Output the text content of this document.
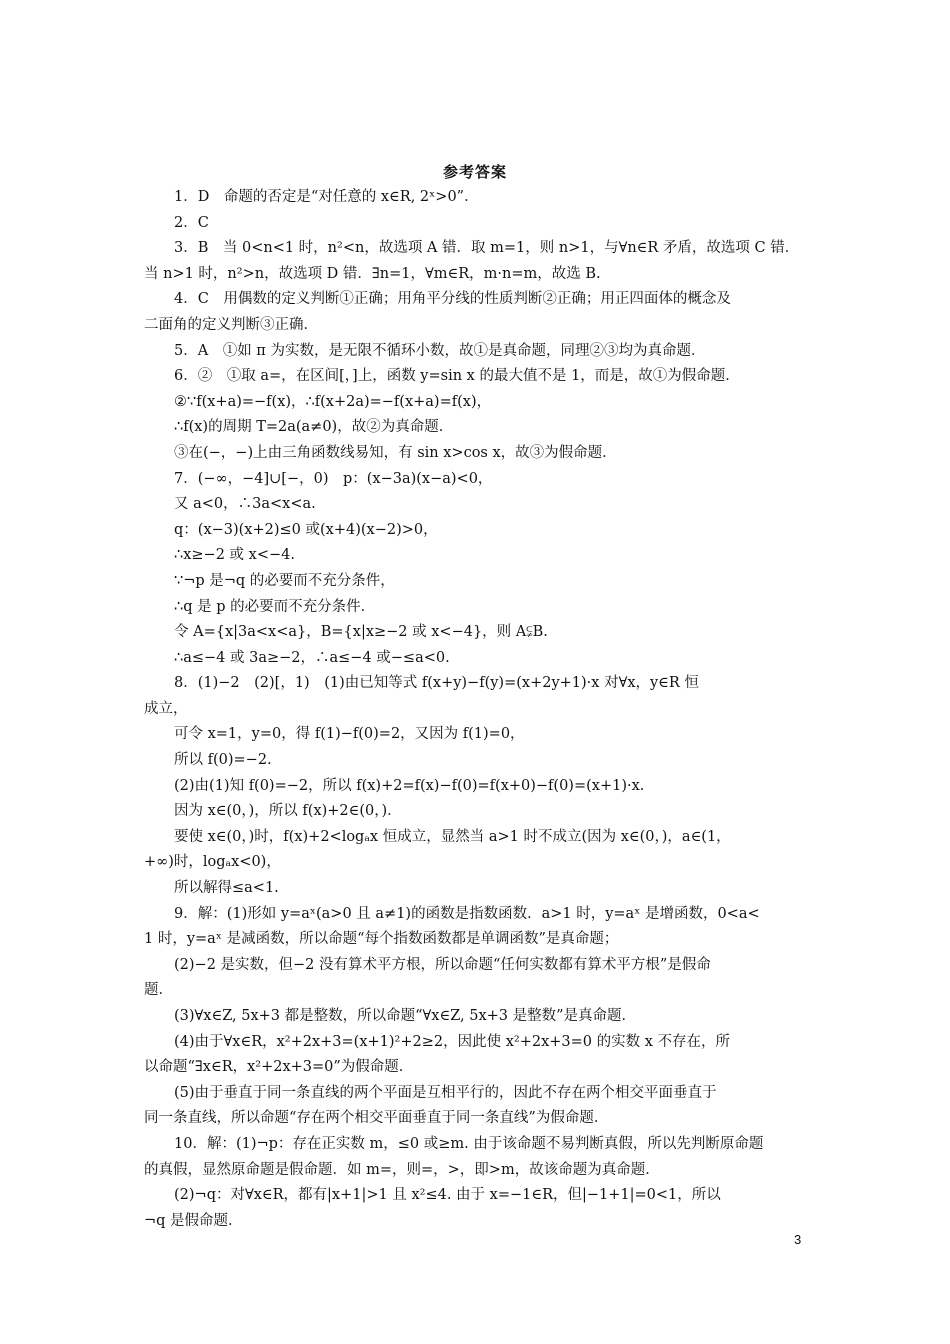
参考答案
1．D　命题的否定是“对任意的 x∈R, 2ˣ>0”．
2．C
3．B　当 0<n<1 时，n²<n，故选项 A 错．取 m=1，则 n>1，与∀n∈R 矛盾，故选项 C 错．
当 n>1 时，n²>n，故选项 D 错．∃n=1，∀m∈R，m·n=m，故选 B.
4．C　用偶数的定义判断①正确；用角平分线的性质判断②正确；用正四面体的概念及
二面角的定义判断③正确．
5．A　①如 π 为实数，是无限不循环小数，故①是真命题，同理②③均为真命题．
6．②　①取 a=，在区间[，]上，函数 y=sin x 的最大值不是 1，而是，故①为假命题．
②∵f(x+a)=−f(x)，∴f(x+2a)=−f(x+a)=f(x)，
∴f(x)的周期 T=2a(a≠0)，故②为真命题．
③在(−，−)上由三角函数线易知，有 sin x>cos x，故③为假命题．
7．(−∞，−4]∪[−，0)　p：(x−3a)(x−a)<0，
又 a<0，∴3a<x<a.
q：(x−3)(x+2)≤0 或(x+4)(x−2)>0，
∴x≥−2 或 x<−4.
∵¬p 是¬q 的必要而不充分条件，
∴q 是 p 的必要而不充分条件．
令 A={x|3a<x<a}，B={x|x≥−2 或 x<−4}，则 A⫋B.
∴a≤−4 或 3a≥−2，∴a≤−4 或−≤a<0.
8．(1)−2　(2)[，1)　(1)由已知等式 f(x+y)−f(y)=(x+2y+1)·x 对∀x，y∈R 恒
成立，
可令 x=1，y=0，得 f(1)−f(0)=2，又因为 f(1)=0，
所以 f(0)=−2.
(2)由(1)知 f(0)=−2，所以 f(x)+2=f(x)−f(0)=f(x+0)−f(0)=(x+1)·x.
因为 x∈(0，)，所以 f(x)+2∈(0，)．
要使 x∈(0，)时，f(x)+2<logₐx 恒成立，显然当 a>1 时不成立(因为 x∈(0，)，a∈(1，
+∞)时，logₐx<0)，
所以解得≤a<1.
9．解：(1)形如 y=aˣ(a>0 且 a≠1)的函数是指数函数．a>1 时，y=aˣ 是增函数，0<a<
1 时，y=aˣ 是减函数，所以命题“每个指数函数都是单调函数”是真命题；
(2)−2 是实数，但−2 没有算术平方根，所以命题“任何实数都有算术平方根”是假命
题．
(3)∀x∈Z, 5x+3 都是整数，所以命题“∀x∈Z, 5x+3 是整数”是真命题．
(4)由于∀x∈R，x²+2x+3=(x+1)²+2≥2，因此使 x²+2x+3=0 的实数 x 不存在，所
以命题“∃x∈R，x²+2x+3=0”为假命题．
(5)由于垂直于同一条直线的两个平面是互相平行的，因此不存在两个相交平面垂直于
同一条直线，所以命题“存在两个相交平面垂直于同一条直线”为假命题．
10．解：(1)¬p：存在正实数 m，≤0 或≥m. 由于该命题不易判断真假，所以先判断原命题
的真假，显然原命题是假命题．如 m=，则=，>，即>m，故该命题为真命题．
(2)¬q：对∀x∈R，都有|x+1|>1 且 x²≤4. 由于 x=−1∈R，但|−1+1|=0<1，所以
¬q 是假命题．
3
